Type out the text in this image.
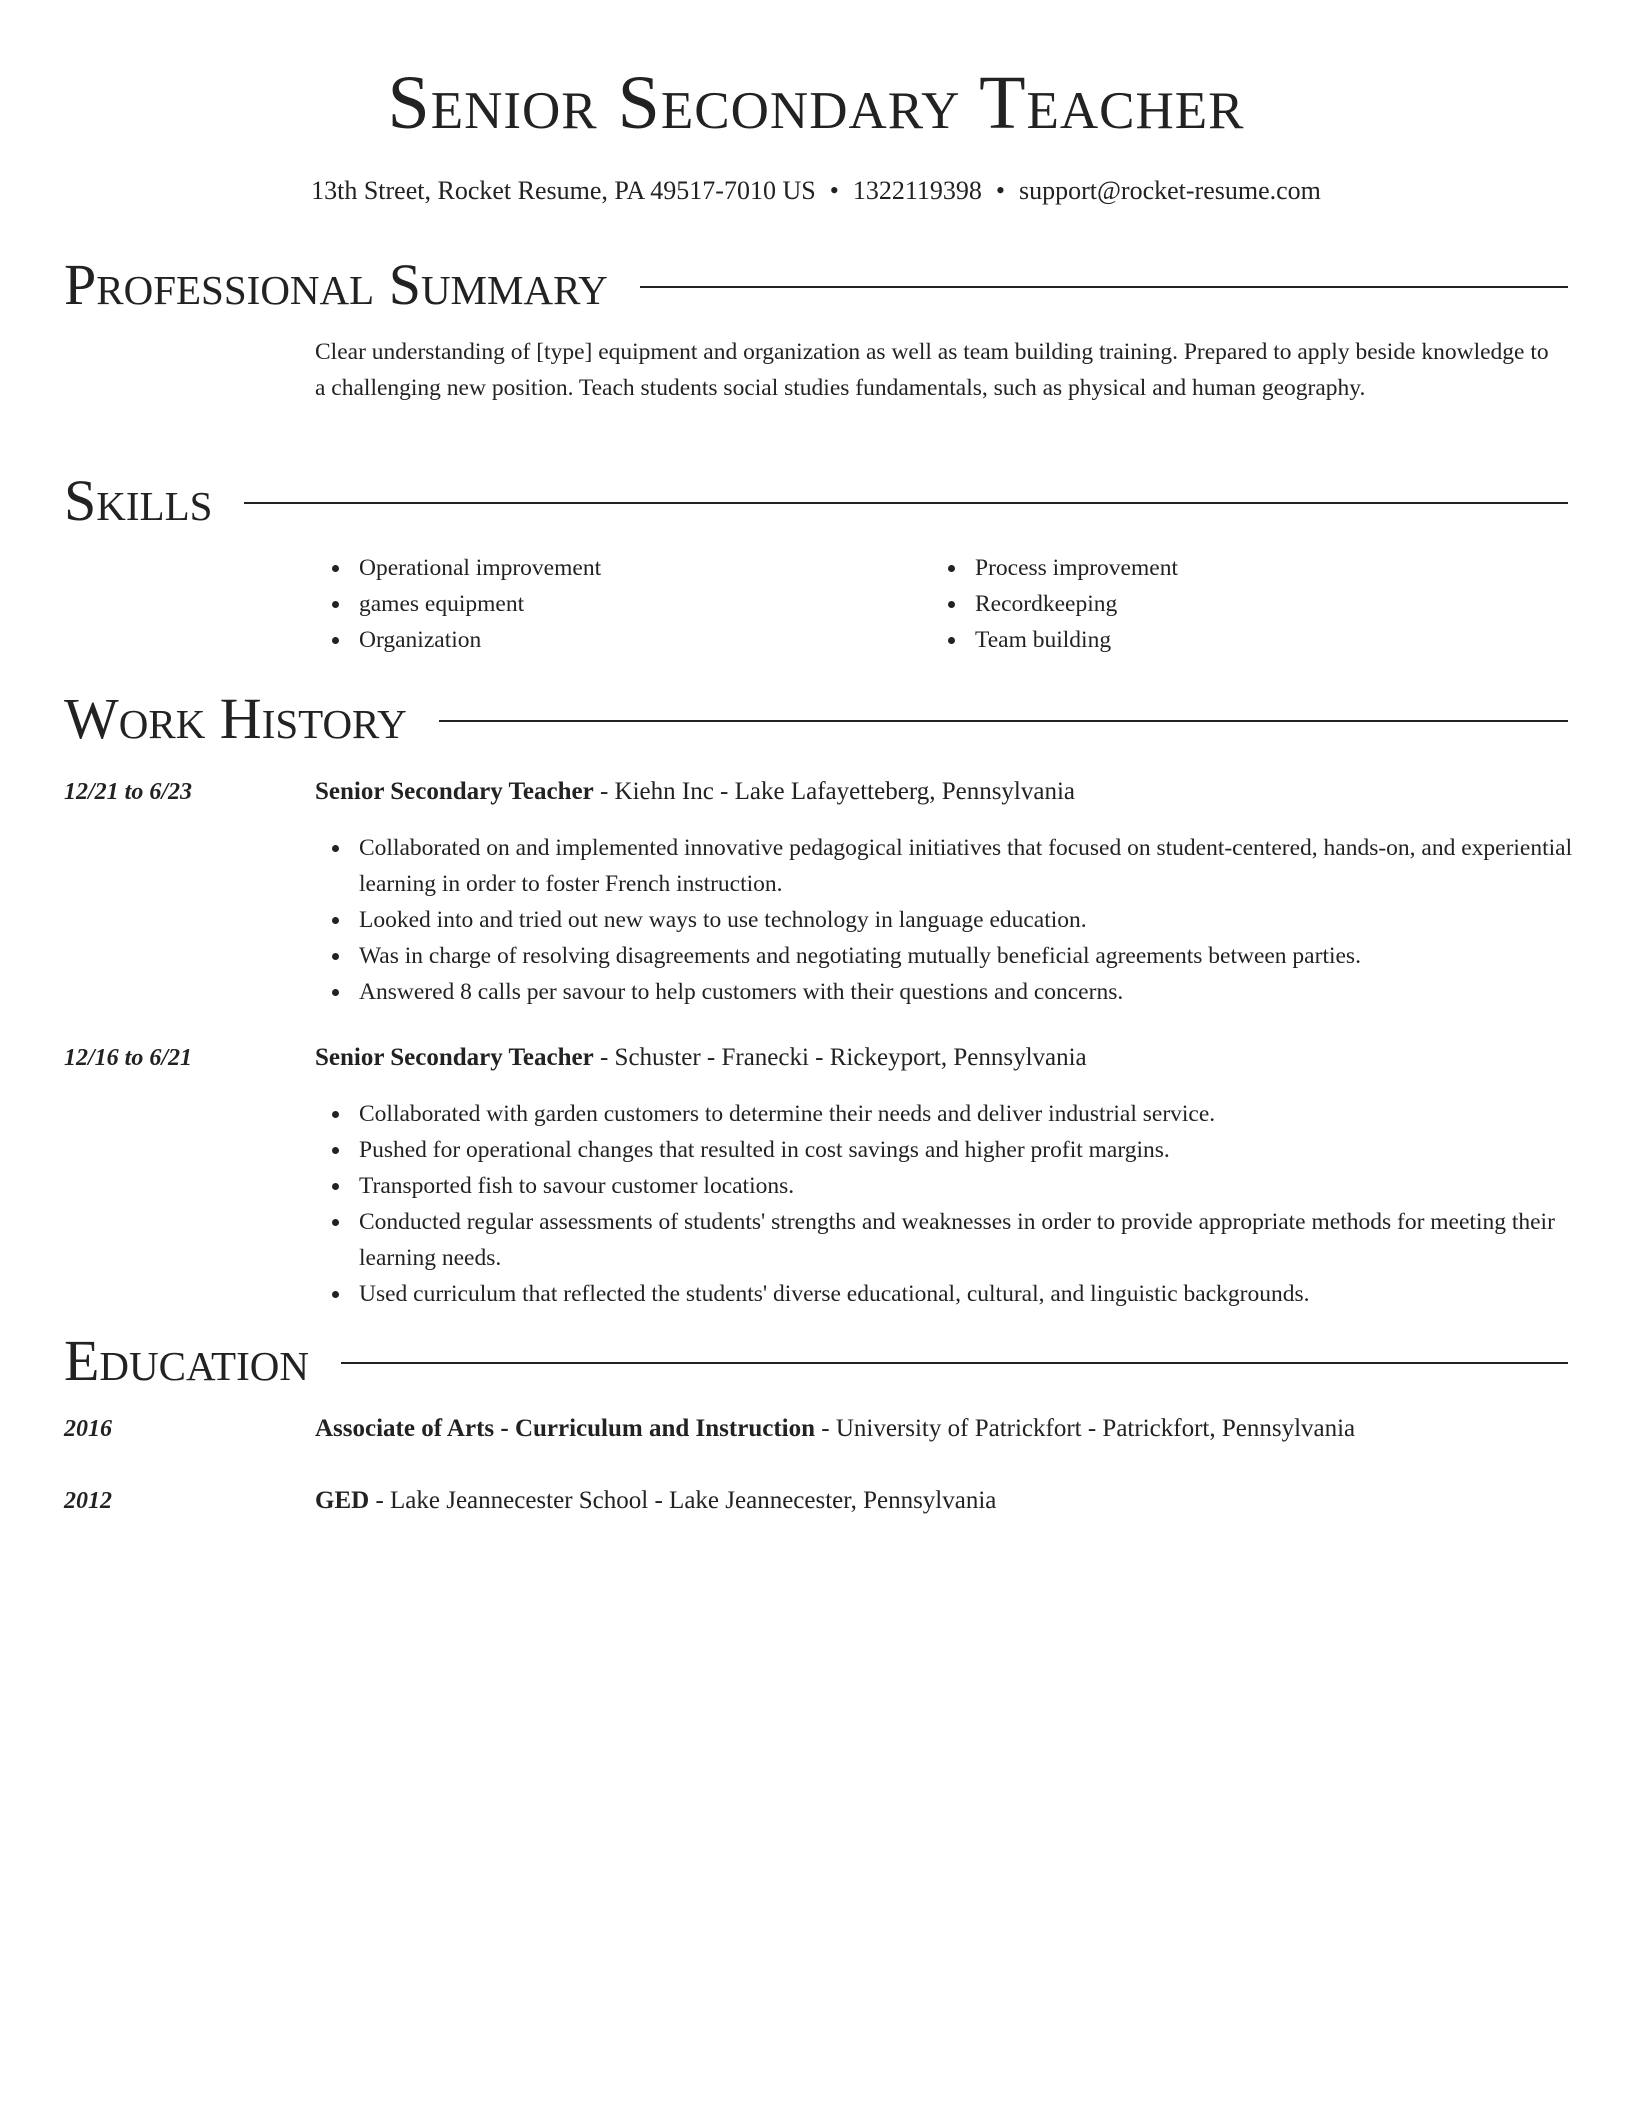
Senior Secondary Teacher
13th Street, Rocket Resume, PA 49517-7010 US • 1322119398 • support@rocket-resume.com
Professional Summary

Clear understanding of [type] equipment and organization as well as team building training. Prepared to apply beside knowledge to a challenging new position. Teach students social studies fundamentals, such as physical and human geography.

Skills
Operational improvement
games equipment
Organization
Process improvement
Recordkeeping
Team building
Work History
12/21 to 6/23	Senior Secondary Teacher - Kiehn Inc - Lake Lafayetteberg, Pennsylvania
Collaborated on and implemented innovative pedagogical initiatives that focused on student-centered, hands-on, and experiential learning in order to foster French instruction.
Looked into and tried out new ways to use technology in language education.
Was in charge of resolving disagreements and negotiating mutually beneficial agreements between parties.
Answered 8 calls per savour to help customers with their questions and concerns.
12/16 to 6/21	Senior Secondary Teacher - Schuster - Franecki - Rickeyport, Pennsylvania
Collaborated with garden customers to determine their needs and deliver industrial service.
Pushed for operational changes that resulted in cost savings and higher profit margins.
Transported fish to savour customer locations.
Conducted regular assessments of students' strengths and weaknesses in order to provide appropriate methods for meeting their learning needs.
Used curriculum that reflected the students' diverse educational, cultural, and linguistic backgrounds.
Education
2016	Associate of Arts - Curriculum and Instruction - University of Patrickfort - Patrickfort, Pennsylvania
2012	GED - Lake Jeannecester School - Lake Jeannecester, Pennsylvania
